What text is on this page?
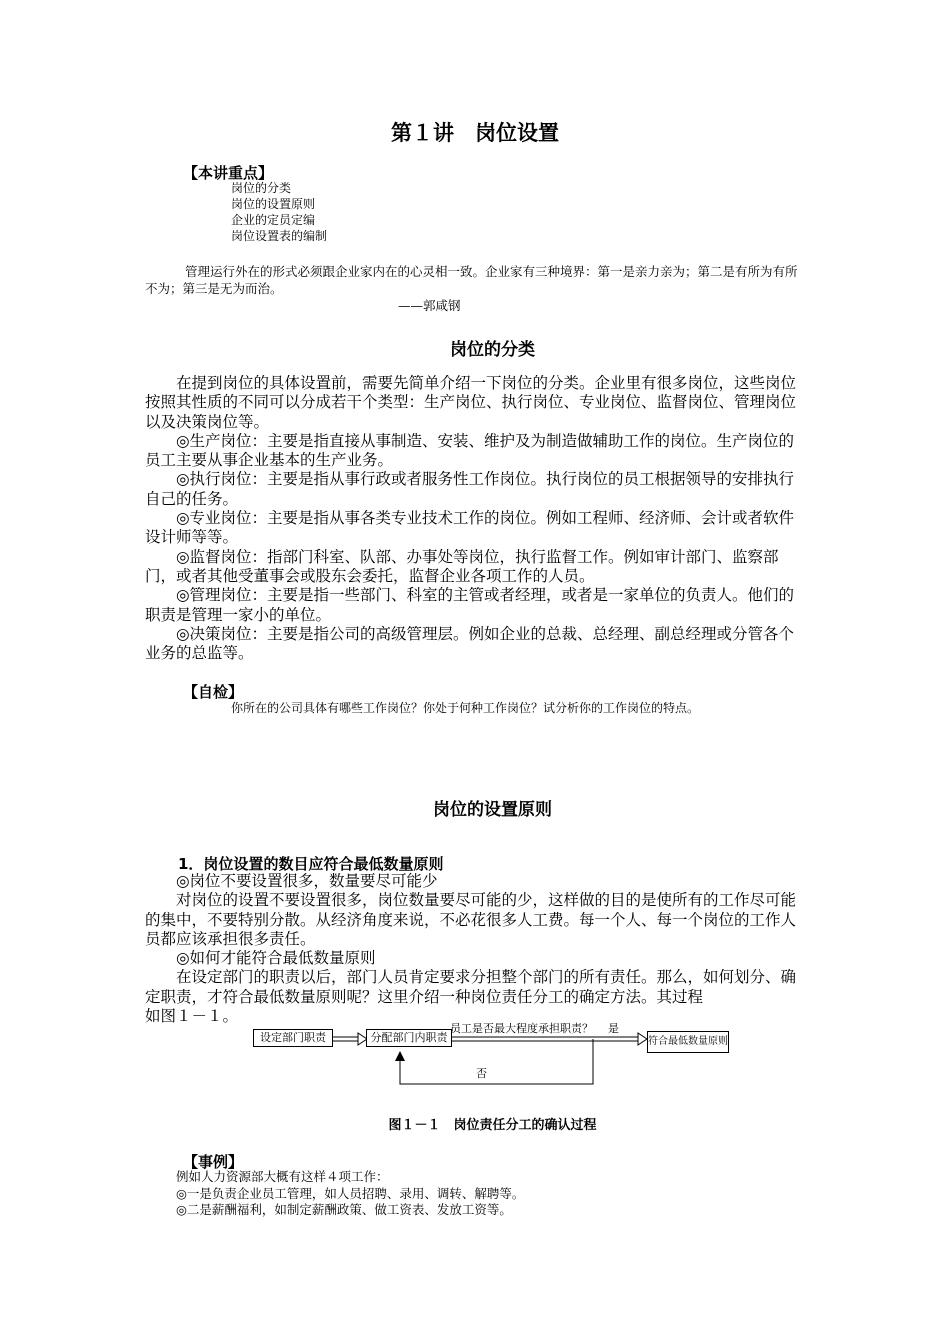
第１讲　岗位设置
【本讲重点】
岗位的分类
岗位的设置原则
企业的定员定编
岗位设置表的编制

管理运行外在的形式必须跟企业家内在的心灵相一致。企业家有三种境界：第一是亲力亲为；第二是有所为有所不为；第三是无为而治。

——郭咸钢
岗位的分类

在提到岗位的具体设置前，需要先简单介绍一下岗位的分类。企业里有很多岗位，这些岗位按照其性质的不同可以分成若干个类型：生产岗位、执行岗位、专业岗位、监督岗位、管理岗位以及决策岗位等。

◎生产岗位：主要是指直接从事制造、安装、维护及为制造做辅助工作的岗位。生产岗位的员工主要从事企业基本的生产业务。

◎执行岗位：主要是指从事行政或者服务性工作岗位。执行岗位的员工根据领导的安排执行自己的任务。

◎专业岗位：主要是指从事各类专业技术工作的岗位。例如工程师、经济师、会计或者软件设计师等等。

◎监督岗位：指部门科室、队部、办事处等岗位，执行监督工作。例如审计部门、监察部门，或者其他受董事会或股东会委托，监督企业各项工作的人员。

◎管理岗位：主要是指一些部门、科室的主管或者经理，或者是一家单位的负责人。他们的职责是管理一家小的单位。

◎决策岗位：主要是指公司的高级管理层。例如企业的总裁、总经理、副总经理或分管各个业务的总监等。

【自检】
你所在的公司具体有哪些工作岗位？你处于何种工作岗位？试分析你的工作岗位的特点。
岗位的设置原则
1．岗位设置的数目应符合最低数量原则

◎岗位不要设置很多，数量要尽可能少

对岗位的设置不要设置很多，岗位数量要尽可能的少，这样做的目的是使所有的工作尽可能的集中，不要特别分散。从经济角度来说，不必花很多人工费。每一个人、每一个岗位的工作人员都应该承担很多责任。

◎如何才能符合最低数量原则

在设定部门的职责以后，部门人员肯定要求分担整个部门的所有责任。那么，如何划分、确定职责，才符合最低数量原则呢？这里介绍一种岗位责任分工的确定方法。其过程

如图１－１。

设定部门职责	分配部门内职责
员工是否最大程度承担职责？ 是
否
符合最低数量原则
图１－１　岗位责任分工的确认过程
【事例】
例如人力资源部大概有这样４项工作：
◎一是负责企业员工管理，如人员招聘、录用、调转、解聘等。
◎二是薪酬福利，如制定薪酬政策、做工资表、发放工资等。
